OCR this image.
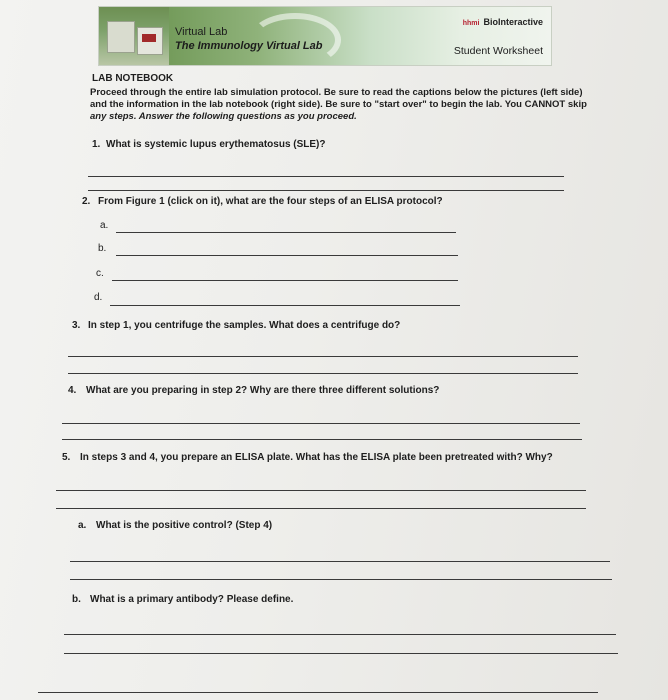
Virtual Lab
The Immunology Virtual Lab
hhmi BioInteractive
Student Worksheet
LAB NOTEBOOK
Proceed through the entire lab simulation protocol. Be sure to read the captions below the pictures (left side)
and the information in the lab notebook (right side). Be sure to "start over" to begin the lab. You CANNOT skip
any steps. Answer the following questions as you proceed.
1. What is systemic lupus erythematosus (SLE)?
2. From Figure 1 (click on it), what are the four steps of an ELISA protocol?
a.
b.
c.
d.
3. In step 1, you centrifuge the samples. What does a centrifuge do?
4. What are you preparing in step 2? Why are there three different solutions?
5. In steps 3 and 4, you prepare an ELISA plate. What has the ELISA plate been pretreated with? Why?
a. What is the positive control? (Step 4)
b. What is a primary antibody? Please define.
